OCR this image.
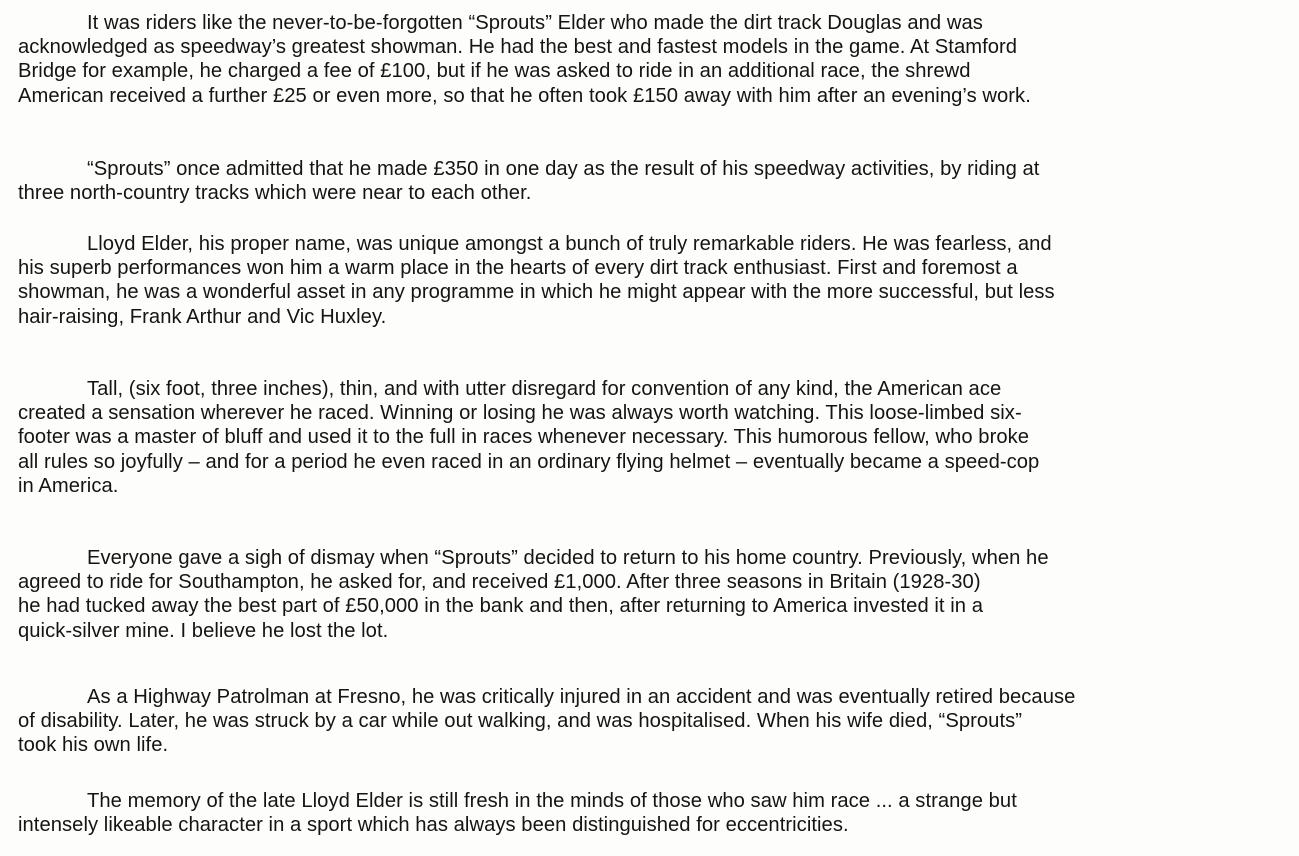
It was riders like the never-to-be-forgotten “Sprouts” Elder who made the dirt track Douglas and was
acknowledged as speedway’s greatest showman. He had the best and fastest models in the game. At Stamford
Bridge for example, he charged a fee of £100, but if he was asked to ride in an additional race, the shrewd
American received a further £25 or even more, so that he often took £150 away with him after an evening’s work.

“Sprouts” once admitted that he made £350 in one day as the result of his speedway activities, by riding at
three north-country tracks which were near to each other.

Lloyd Elder, his proper name, was unique amongst a bunch of truly remarkable riders. He was fearless, and
his superb performances won him a warm place in the hearts of every dirt track enthusiast. First and foremost a
showman, he was a wonderful asset in any programme in which he might appear with the more successful, but less
hair-raising, Frank Arthur and Vic Huxley.

Tall, (six foot, three inches), thin, and with utter disregard for convention of any kind, the American ace
created a sensation wherever he raced. Winning or losing he was always worth watching. This loose-limbed six-
footer was a master of bluff and used it to the full in races whenever necessary. This humorous fellow, who broke
all rules so joyfully – and for a period he even raced in an ordinary flying helmet – eventually became a speed-cop
in America.

Everyone gave a sigh of dismay when “Sprouts” decided to return to his home country. Previously, when he
agreed to ride for Southampton, he asked for, and received £1,000. After three seasons in Britain (1928-30)
he had tucked away the best part of £50,000 in the bank and then, after returning to America invested it in a
quick-silver mine. I believe he lost the lot.

As a Highway Patrolman at Fresno, he was critically injured in an accident and was eventually retired because
of disability. Later, he was struck by a car while out walking, and was hospitalised. When his wife died, “Sprouts”
took his own life.

The memory of the late Lloyd Elder is still fresh in the minds of those who saw him race ... a strange but
intensely likeable character in a sport which has always been distinguished for eccentricities.
